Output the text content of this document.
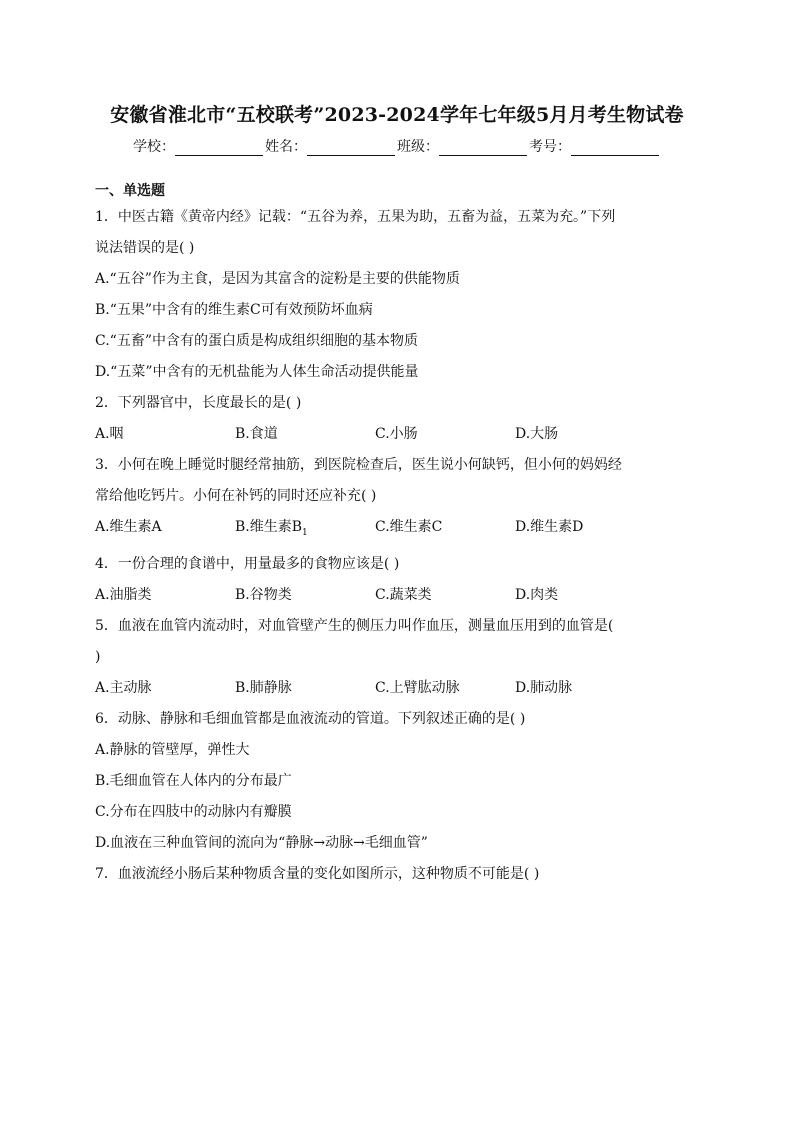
安徽省淮北市“五校联考”2023-2024学年七年级5月月考生物试卷
学校：	姓名：	班级：	考号：
一、单选题
1．中医古籍《黄帝内经》记载：“五谷为养，五果为助，五畜为益，五菜为充。”下列
说法错误的是( )
A.“五谷”作为主食，是因为其富含的淀粉是主要的供能物质
B.“五果”中含有的维生素C可有效预防坏血病
C.“五畜”中含有的蛋白质是构成组织细胞的基本物质
D.“五菜”中含有的无机盐能为人体生命活动提供能量
2．下列器官中，长度最长的是( )
A.咽	B.食道	C.小肠	D.大肠
3．小何在晚上睡觉时腿经常抽筋，到医院检查后，医生说小何缺钙，但小何的妈妈经
常给他吃钙片。小何在补钙的同时还应补充( )
A.维生素A	B.维生素$B_1$	C.维生素C	D.维生素D
4．一份合理的食谱中，用量最多的食物应该是( )
A.油脂类	B.谷物类	C.蔬菜类	D.肉类
5．血液在血管内流动时，对血管壁产生的侧压力叫作血压，测量血压用到的血管是(
)
A.主动脉	B.肺静脉	C.上臂肱动脉	D.肺动脉
6．动脉、静脉和毛细血管都是血液流动的管道。下列叙述正确的是( )
A.静脉的管壁厚，弹性大
B.毛细血管在人体内的分布最广
C.分布在四肢中的动脉内有瓣膜
D.血液在三种血管间的流向为“静脉→动脉→毛细血管”
7．血液流经小肠后某种物质含量的变化如图所示，这种物质不可能是( )
